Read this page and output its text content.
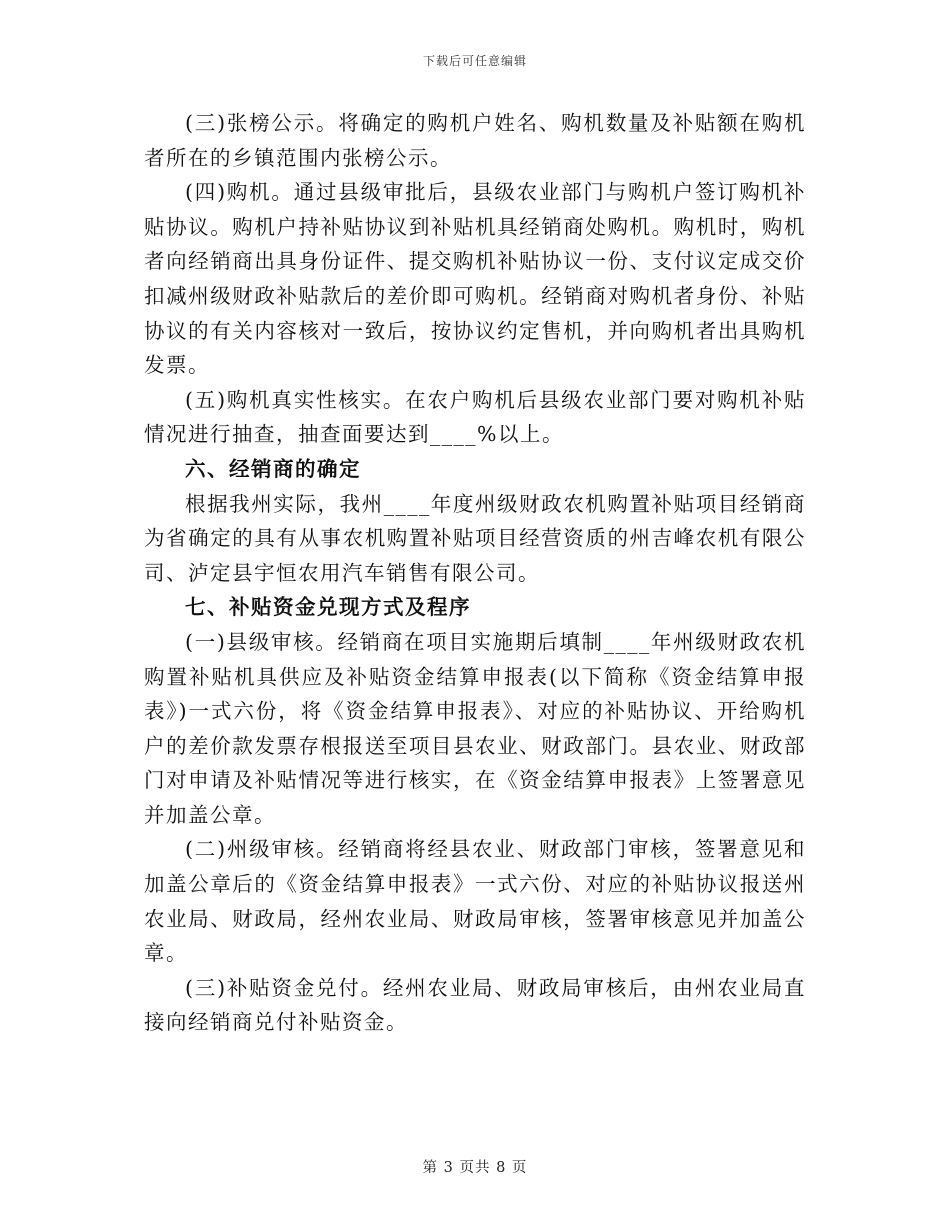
下载后可任意编辑

(三)张榜公示。将确定的购机户姓名、购机数量及补贴额在购机者所在的乡镇范围内张榜公示。

(四)购机。通过县级审批后，县级农业部门与购机户签订购机补贴协议。购机户持补贴协议到补贴机具经销商处购机。购机时，购机者向经销商出具身份证件、提交购机补贴协议一份、支付议定成交价扣减州级财政补贴款后的差价即可购机。经销商对购机者身份、补贴协议的有关内容核对一致后，按协议约定售机，并向购机者出具购机发票。

(五)购机真实性核实。在农户购机后县级农业部门要对购机补贴情况进行抽查，抽查面要达到____%以上。

六、经销商的确定

根据我州实际，我州____年度州级财政农机购置补贴项目经销商为省确定的具有从事农机购置补贴项目经营资质的州吉峰农机有限公司、泸定县宇恒农用汽车销售有限公司。

七、补贴资金兑现方式及程序

(一)县级审核。经销商在项目实施期后填制____年州级财政农机购置补贴机具供应及补贴资金结算申报表(以下简称《资金结算申报表》)一式六份，将《资金结算申报表》、对应的补贴协议、开给购机户的差价款发票存根报送至项目县农业、财政部门。县农业、财政部门对申请及补贴情况等进行核实，在《资金结算申报表》上签署意见并加盖公章。

(二)州级审核。经销商将经县农业、财政部门审核，签署意见和加盖公章后的《资金结算申报表》一式六份、对应的补贴协议报送州农业局、财政局，经州农业局、财政局审核，签署审核意见并加盖公章。

(三)补贴资金兑付。经州农业局、财政局审核后，由州农业局直接向经销商兑付补贴资金。

第 3 页共 8 页
